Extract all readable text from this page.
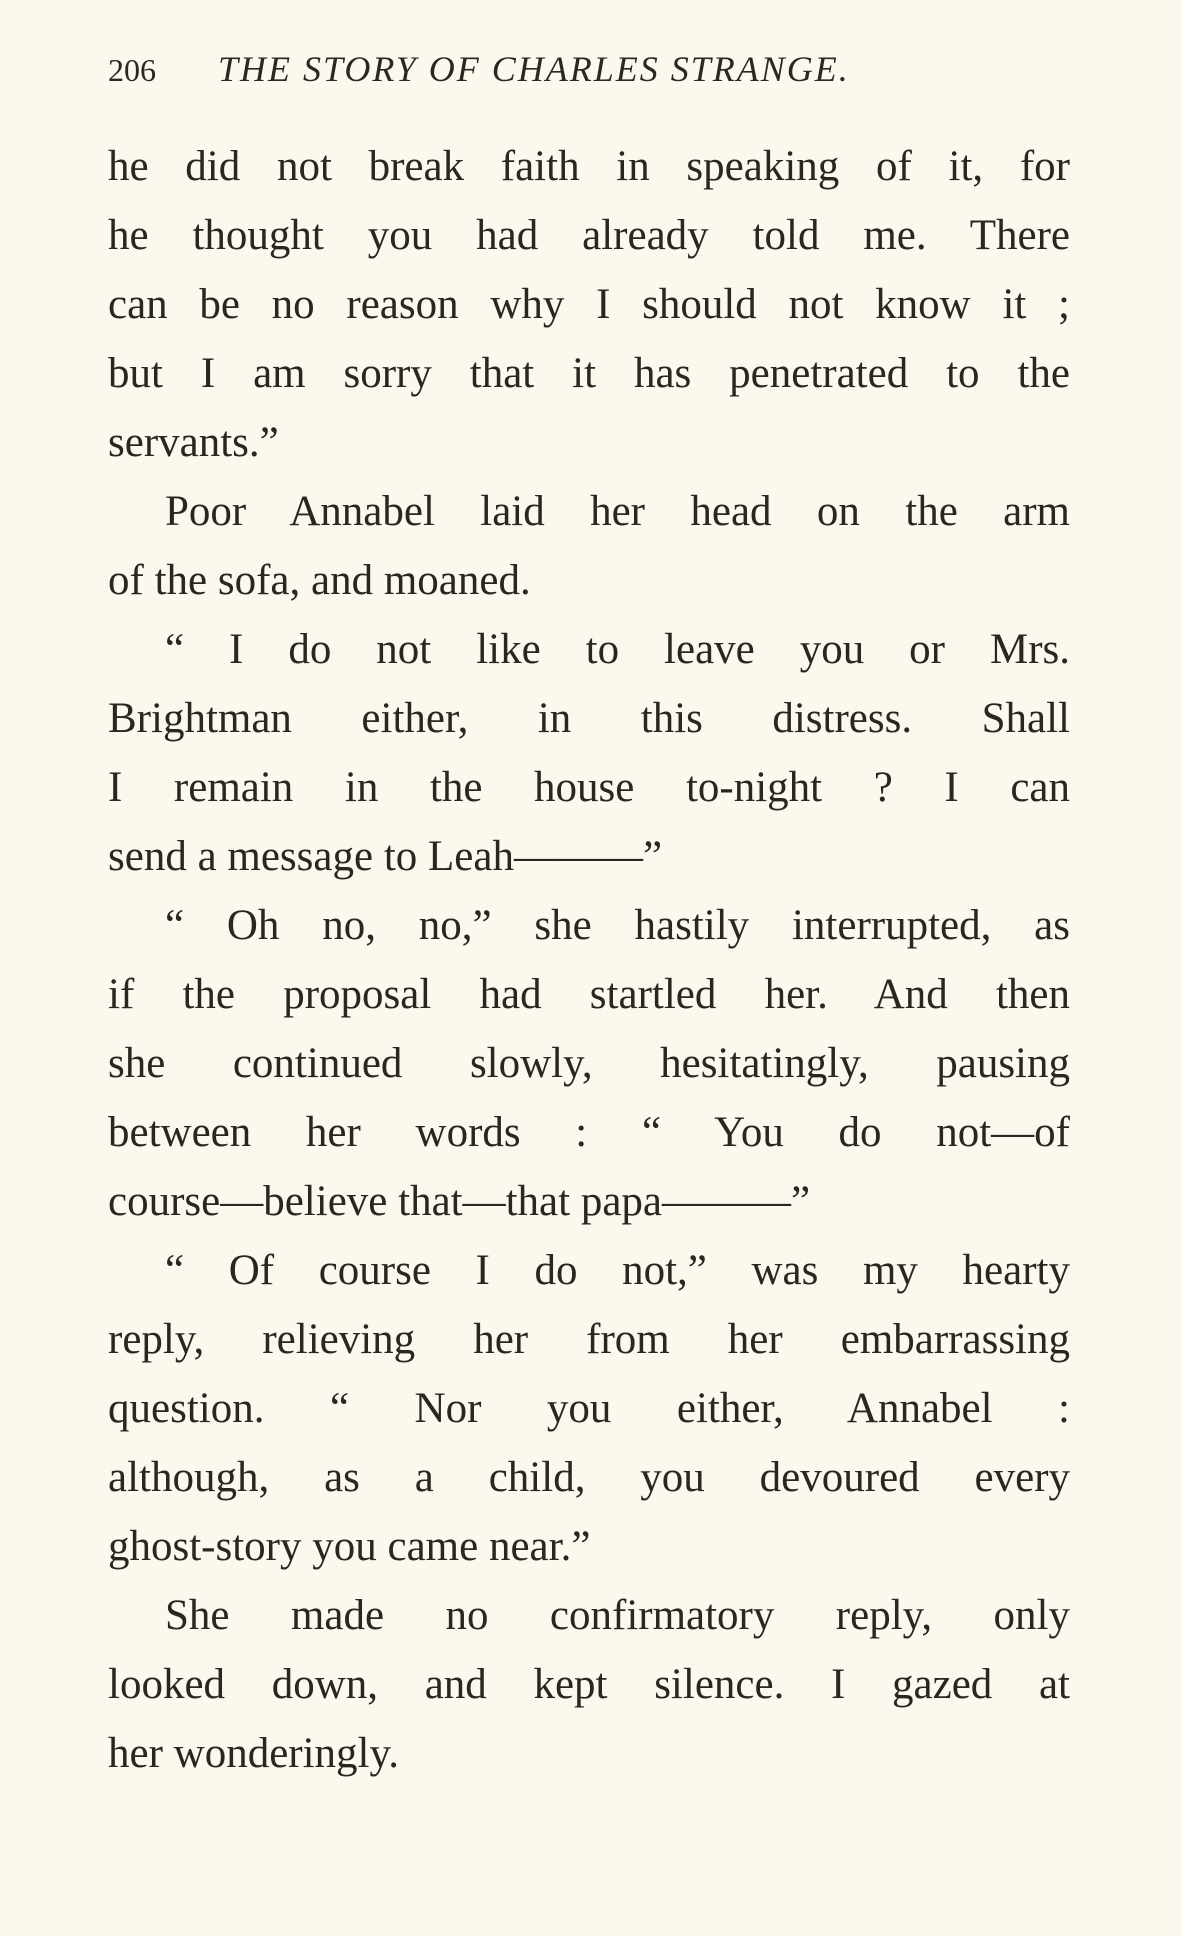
206 THE STORY OF CHARLES STRANGE.
he did not break faith in speaking of it, for
he thought you had already told me. There
can be no reason why I should not know it ;
but I am sorry that it has penetrated to the
servants.”
Poor Annabel laid her head on the arm
of the sofa, and moaned.
“ I do not like to leave you or Mrs.
Brightman either, in this distress. Shall
I remain in the house to-night ? I can
send a message to Leah———”
“ Oh no, no,” she hastily interrupted, as
if the proposal had startled her. And then
she continued slowly, hesitatingly, pausing
between her words : “ You do not—of
course—believe that—that papa———”
“ Of course I do not,” was my hearty
reply, relieving her from her embarrassing
question. “ Nor you either, Annabel :
although, as a child, you devoured every
ghost-story you came near.”
She made no confirmatory reply, only
looked down, and kept silence. I gazed at
her wonderingly.
